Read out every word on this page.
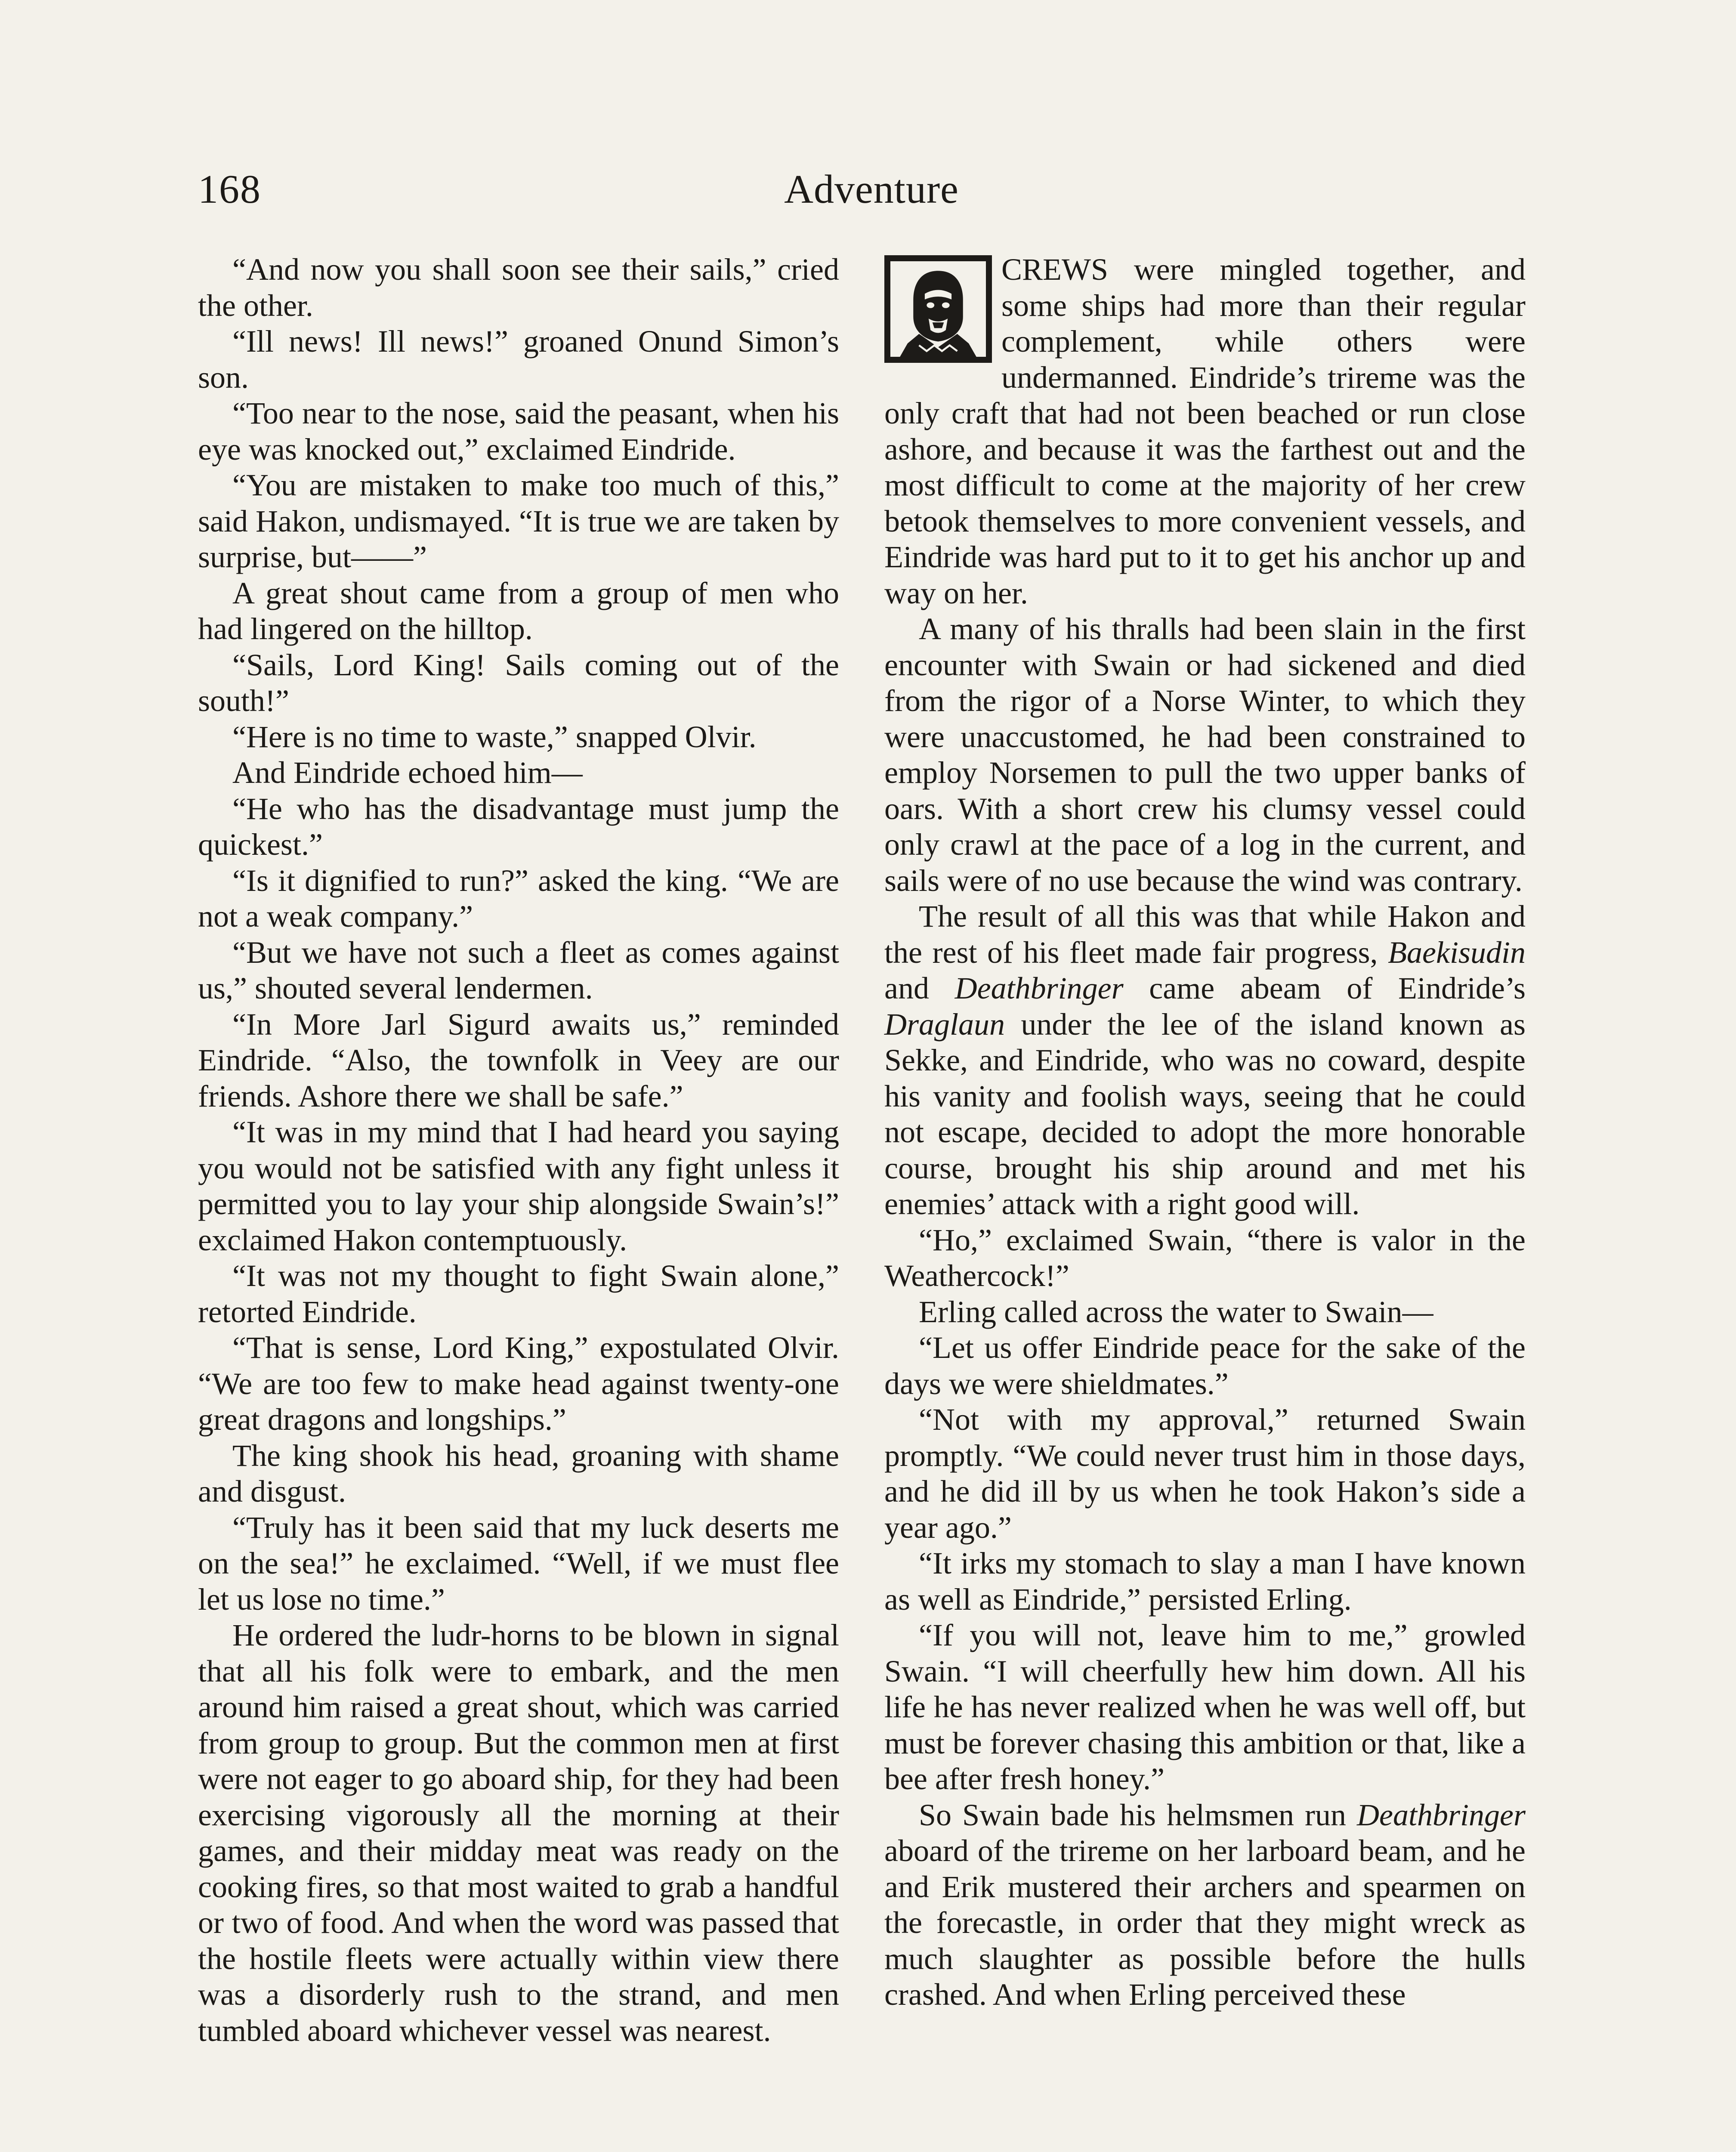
168	Adventure

“And now you shall soon see their sails,” cried the other.

“Ill news! Ill news!” groaned Onund Simon’s son.

“Too near to the nose, said the peasant, when his eye was knocked out,” exclaimed Eindride.

“You are mistaken to make too much of this,” said Hakon, undismayed. “It is true we are taken by surprise, but——”

A great shout came from a group of men who had lingered on the hilltop.

“Sails, Lord King! Sails coming out of the south!”

“Here is no time to waste,” snapped Olvir.

And Eindride echoed him—

“He who has the disadvantage must jump the quickest.”

“Is it dignified to run?” asked the king. “We are not a weak company.”

“But we have not such a fleet as comes against us,” shouted several lendermen.

“In More Jarl Sigurd awaits us,” reminded Eindride. “Also, the townfolk in Veey are our friends. Ashore there we shall be safe.”

“It was in my mind that I had heard you saying you would not be satisfied with any fight unless it permitted you to lay your ship alongside Swain’s!” exclaimed Hakon contemptuously.

“It was not my thought to fight Swain alone,” retorted Eindride.

“That is sense, Lord King,” expostulated Olvir. “We are too few to make head against twenty-one great dragons and longships.”

The king shook his head, groaning with shame and disgust.

“Truly has it been said that my luck deserts me on the sea!” he exclaimed. “Well, if we must flee let us lose no time.”

He ordered the ludr-horns to be blown in signal that all his folk were to embark, and the men around him raised a great shout, which was carried from group to group. But the common men at first were not eager to go aboard ship, for they had been exercising vigorously all the morning at their games, and their midday meat was ready on the cooking fires, so that most waited to grab a handful or two of food. And when the word was passed that the hostile fleets were actually within view there was a disorderly rush to the strand, and men tumbled aboard whichever vessel was nearest.

CREWS were mingled together, and some ships had more than their regular complement, while others were undermanned. Eindride’s trireme was the only craft that had not been beached or run close ashore, and because it was the farthest out and the most difficult to come at the majority of her crew betook themselves to more convenient vessels, and Eindride was hard put to it to get his anchor up and way on her.

A many of his thralls had been slain in the first encounter with Swain or had sickened and died from the rigor of a Norse Winter, to which they were unaccustomed, he had been constrained to employ Norsemen to pull the two upper banks of oars. With a short crew his clumsy vessel could only crawl at the pace of a log in the current, and sails were of no use because the wind was contrary.

The result of all this was that while Hakon and the rest of his fleet made fair progress, Baekisudin and Deathbringer came abeam of Eindride’s Draglaun under the lee of the island known as Sekke, and Eindride, who was no coward, despite his vanity and foolish ways, seeing that he could not escape, decided to adopt the more honorable course, brought his ship around and met his enemies’ attack with a right good will.

“Ho,” exclaimed Swain, “there is valor in the Weathercock!”

Erling called across the water to Swain—

“Let us offer Eindride peace for the sake of the days we were shieldmates.”

“Not with my approval,” returned Swain promptly. “We could never trust him in those days, and he did ill by us when he took Hakon’s side a year ago.”

“It irks my stomach to slay a man I have known as well as Eindride,” persisted Erling.

“If you will not, leave him to me,” growled Swain. “I will cheerfully hew him down. All his life he has never realized when he was well off, but must be forever chasing this ambition or that, like a bee after fresh honey.”

So Swain bade his helmsmen run Deathbringer aboard of the trireme on her larboard beam, and he and Erik mustered their archers and spearmen on the forecastle, in order that they might wreck as much slaughter as possible before the hulls crashed. And when Erling perceived these
